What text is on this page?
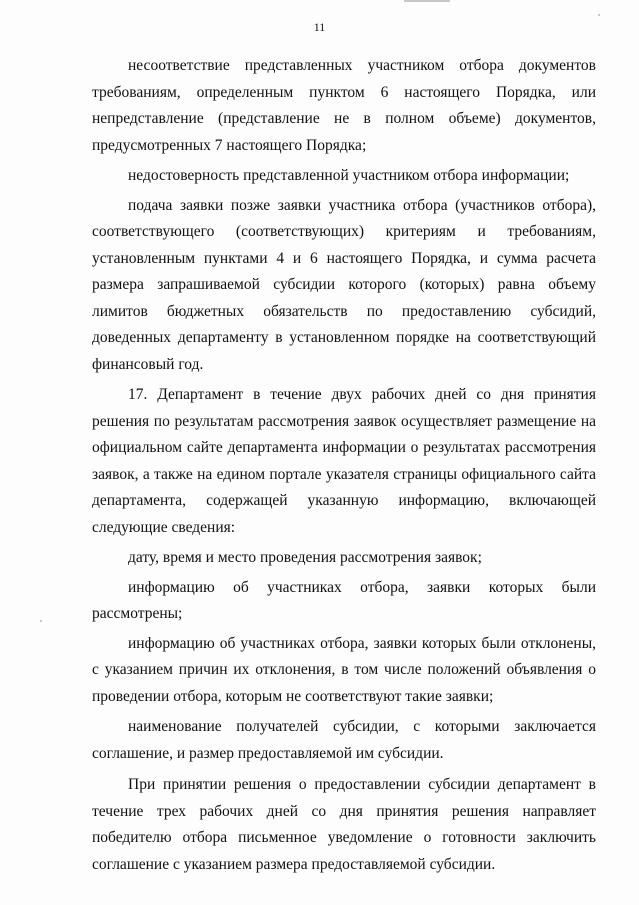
11

несоответствие представленных участником отбора документов требованиям, определенным пунктом 6 настоящего Порядка, или непредставление (представление не в полном объеме) документов, предусмотренных 7 настоящего Порядка;

недостоверность представленной участником отбора информации;

подача заявки позже заявки участника отбора (участников отбора), соответствующего (соответствующих) критериям и требованиям, установленным пунктами 4 и 6 настоящего Порядка, и сумма расчета размера запрашиваемой субсидии которого (которых) равна объему лимитов бюджетных обязательств по предоставлению субсидий, доведенных департаменту в установленном порядке на соответствующий финансовый год.

17. Департамент в течение двух рабочих дней со дня принятия решения по результатам рассмотрения заявок осуществляет размещение на официальном сайте департамента информации о результатах рассмотрения заявок, а также на едином портале указателя страницы официального сайта департамента, содержащей указанную информацию, включающей следующие сведения:

дату, время и место проведения рассмотрения заявок;

информацию об участниках отбора, заявки которых были рассмотрены;

информацию об участниках отбора, заявки которых были отклонены, с указанием причин их отклонения, в том числе положений объявления о проведении отбора, которым не соответствуют такие заявки;

наименование получателей субсидии, с которыми заключается соглашение, и размер предоставляемой им субсидии.

При принятии решения о предоставлении субсидии департамент в течение трех рабочих дней со дня принятия решения направляет победителю отбора письменное уведомление о готовности заключить соглашение с указанием размера предоставляемой субсидии.
